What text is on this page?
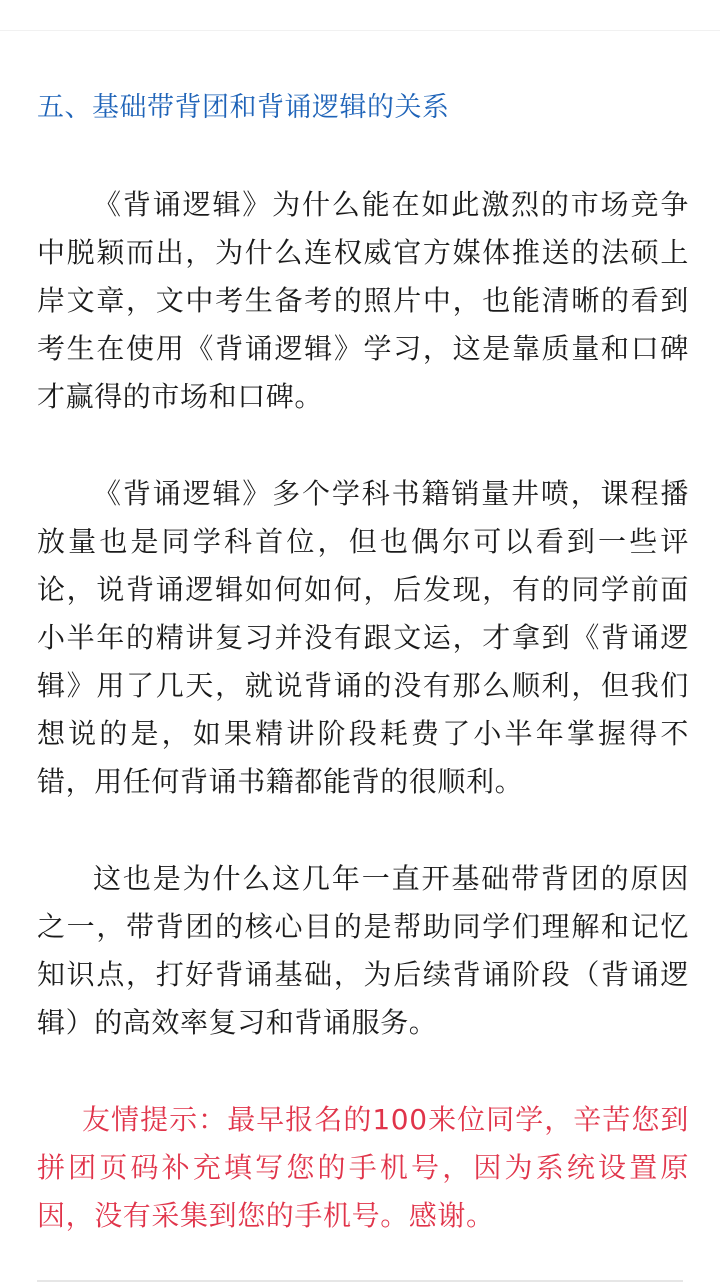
五、基础带背团和背诵逻辑的关系

《背诵逻辑》为什么能在如此激烈的市场竞争中脱颖而出，为什么连权威官方媒体推送的法硕上岸文章，文中考生备考的照片中，也能清晰的看到考生在使用《背诵逻辑》学习，这是靠质量和口碑才赢得的市场和口碑。

《背诵逻辑》多个学科书籍销量井喷，课程播放量也是同学科首位，但也偶尔可以看到一些评论，说背诵逻辑如何如何，后发现，有的同学前面小半年的精讲复习并没有跟文运，才拿到《背诵逻辑》用了几天，就说背诵的没有那么顺利，但我们想说的是，如果精讲阶段耗费了小半年掌握得不错，用任何背诵书籍都能背的很顺利。

这也是为什么这几年一直开基础带背团的原因之一，带背团的核心目的是帮助同学们理解和记忆知识点，打好背诵基础，为后续背诵阶段（背诵逻辑）的高效率复习和背诵服务。

友情提示：最早报名的100来位同学，辛苦您到拼团页码补充填写您的手机号，因为系统设置原因，没有采集到您的手机号。感谢。
